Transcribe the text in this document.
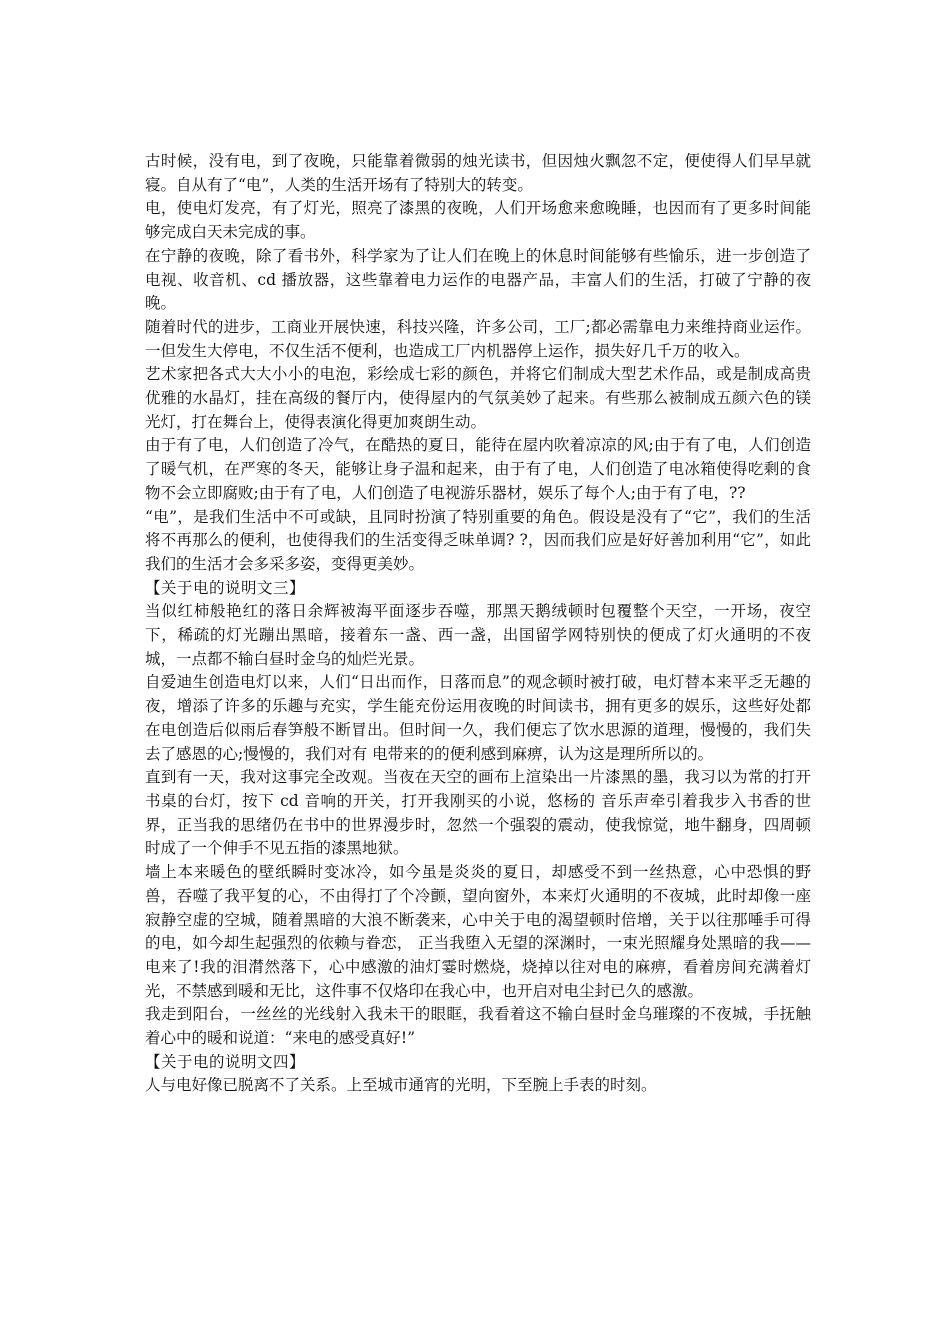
古时候，没有电，到了夜晚，只能靠着微弱的烛光读书，但因烛火飘忽不定，便使得人们早早就寝。自从有了“电”，人类的生活开场有了特别大的转变。

电，使电灯发亮，有了灯光，照亮了漆黑的夜晚，人们开场愈来愈晚睡，也因而有了更多时间能够完成白天未完成的事。

在宁静的夜晚，除了看书外，科学家为了让人们在晚上的休息时间能够有些愉乐，进一步创造了电视、收音机、cd 播放器，这些靠着电力运作的电器产品，丰富人们的生活，打破了宁静的夜晚。

随着时代的进步，工商业开展快速，科技兴隆，许多公司，工厂;都必需靠电力来维持商业运作。一但发生大停电，不仅生活不便利，也造成工厂内机器停上运作，损失好几千万的收入。

艺术家把各式大大小小的电泡，彩绘成七彩的颜色，并将它们制成大型艺术作品，或是制成高贵优雅的水晶灯，挂在高级的餐厅内，使得屋内的气氛美妙了起来。有些那么被制成五颜六色的镁光灯，打在舞台上，使得表演化得更加爽朗生动。

由于有了电，人们创造了冷气，在酷热的夏日，能待在屋内吹着凉凉的风;由于有了电，人们创造了暖气机，在严寒的冬天，能够让身子温和起来，由于有了电，人们创造了电冰箱使得吃剩的食物不会立即腐败;由于有了电，人们创造了电视游乐器材，娱乐了每个人;由于有了电，??

“电”，是我们生活中不可或缺，且同时扮演了特别重要的角色。假设是没有了“它”，我们的生活将不再那么的便利，也使得我们的生活变得乏味单调? ?，因而我们应是好好善加利用“它”，如此我们的生活才会多采多姿，变得更美妙。

【关于电的说明文三】

当似红柿般艳红的落日余辉被海平面逐步吞噬，那黑天鹅绒顿时包覆整个天空，一开场，夜空下，稀疏的灯光蹦出黑暗，接着东一盏、西一盏，出国留学网特别快的便成了灯火通明的不夜城，一点都不输白昼时金乌的灿烂光景。

自爱迪生创造电灯以来，人们“日出而作，日落而息”的观念顿时被打破，电灯替本来平乏无趣的夜，增添了许多的乐趣与充实，学生能充份运用夜晚的时间读书，拥有更多的娱乐，这些好处都在电创造后似雨后春笋般不断冒出。但时间一久，我们便忘了饮水思源的道理，慢慢的，我们失去了感恩的心;慢慢的，我们对有 电带来的的便利感到麻痹，认为这是理所所以的。

直到有一天，我对这事完全改观。当夜在天空的画布上渲染出一片漆黑的墨，我习以为常的打开书桌的台灯，按下 cd 音响的开关，打开我刚买的小说，悠杨的 音乐声牵引着我步入书香的世界，正当我的思绪仍在书中的世界漫步时，忽然一个强裂的震动，使我惊觉，地牛翻身，四周顿时成了一个伸手不见五指的漆黑地狱。

墙上本来暖色的壁纸瞬时变冰冷，如今虽是炎炎的夏日，却感受不到一丝热意，心中恐惧的野兽，吞噬了我平复的心，不由得打了个冷颤，望向窗外，本来灯火通明的不夜城，此时却像一座寂静空虚的空城，随着黑暗的大浪不断袭来，心中关于电的渴望顿时倍增，关于以往那唾手可得的电，如今却生起强烈的依赖与眷恋， 正当我堕入无望的深渊时，一束光照耀身处黑暗的我——电来了!我的泪潸然落下，心中感激的油灯霎时燃烧，烧掉以往对电的麻痹，看着房间充满着灯光，不禁感到暖和无比，这件事不仅烙印在我心中，也开启对电尘封已久的感激。

我走到阳台，一丝丝的光线射入我未干的眼眶，我看着这不输白昼时金乌璀璨的不夜城，手抚触着心中的暖和说道：“来电的感受真好!”

【关于电的说明文四】

人与电好像已脱离不了关系。上至城市通宵的光明，下至腕上手表的时刻。
